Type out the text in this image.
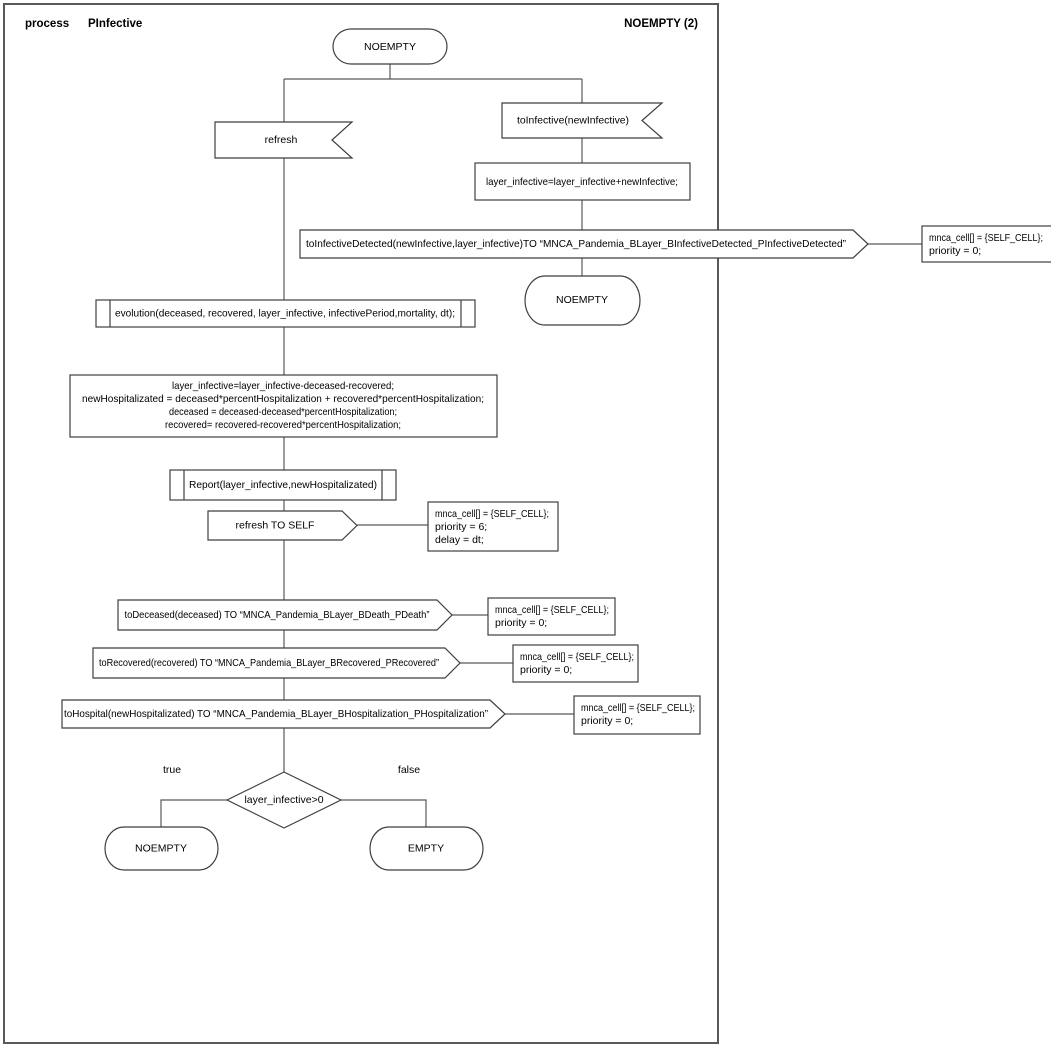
process PInfective	NOEMPTY (2)
NOEMPTY
refresh
toInfective(newInfective)
layer_infective=layer_infective+newInfective;
toInfectiveDetected(newInfective,layer_infective)TO “MNCA_Pandemia_BLayer_BInfectiveDetected_PInfectiveDetected”	mnca_cell[] = {SELF_CELL};
priority = 0;
NOEMPTY
evolution(deceased, recovered, layer_infective, infectivePeriod,mortality, dt);
layer_infective=layer_infective-deceased-recovered;
newHospitalizated = deceased*percentHospitalization + recovered*percentHospitalization;
deceased = deceased-deceased*percentHospitalization;
recovered= recovered-recovered*percentHospitalization;
Report(layer_infective,newHospitalizated)
refresh TO SELF
mnca_cell[] = {SELF_CELL};
priority = 6;
delay = dt;
toDeceased(deceased) TO “MNCA_Pandemia_BLayer_BDeath_PDeath”	mnca_cell[] = {SELF_CELL};
priority = 0;
toRecovered(recovered) TO “MNCA_Pandemia_BLayer_BRecovered_PRecovered”	mnca_cell[] = {SELF_CELL};
priority = 0;
toHospital(newHospitalizated) TO “MNCA_Pandemia_BLayer_BHospitalization_PHospitalization”	mnca_cell[] = {SELF_CELL};
priority = 0;
layer_infective>0
true	false
NOEMPTY	EMPTY
